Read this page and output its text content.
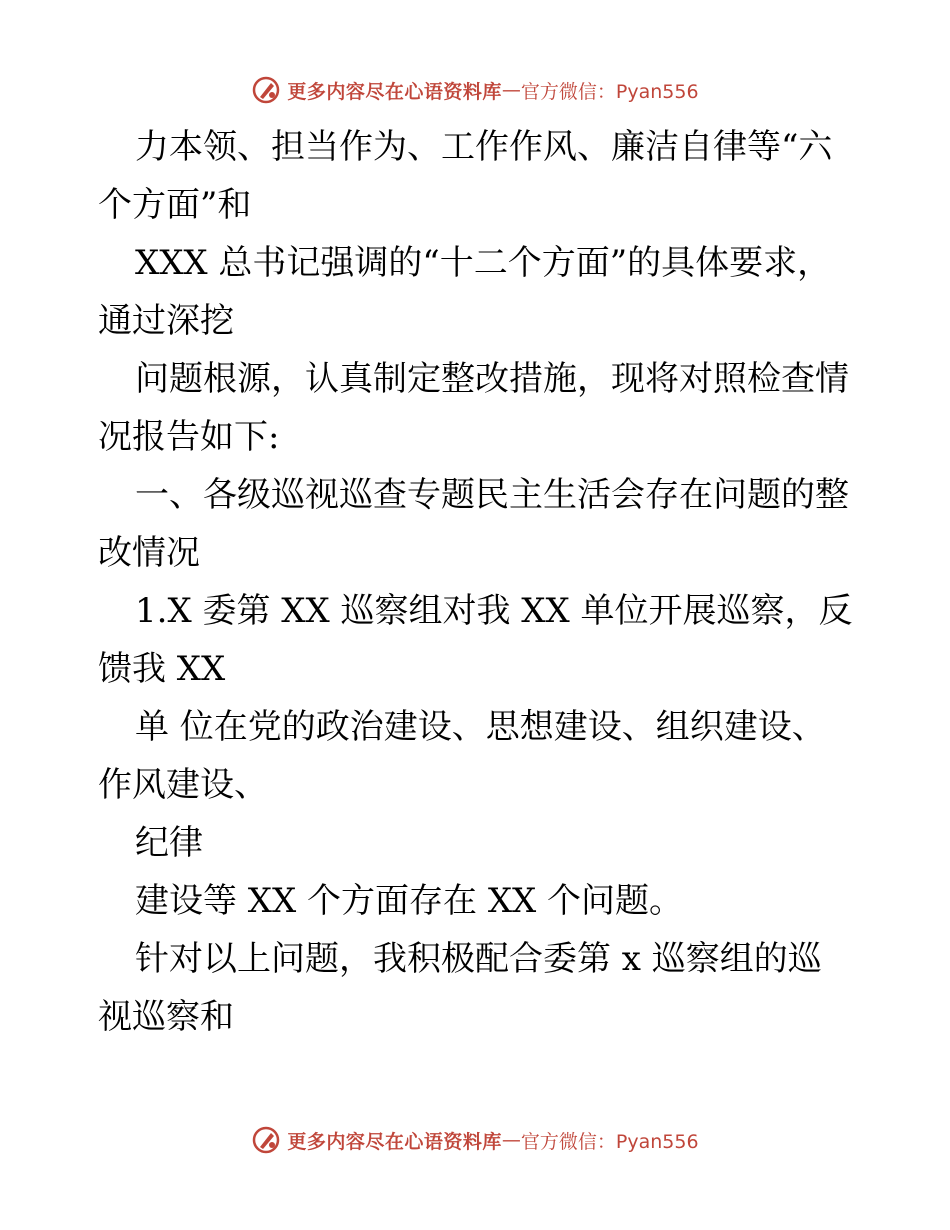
更多内容尽在心语资料库 — 官方微信：Pyan556
力本领、担当作为、工作作风、廉洁自律等“六
个方面”和
XXX 总书记强调的“十二个方面”的具体要求，
通过深挖
问题根源，认真制定整改措施，现将对照检查情
况报告如下:
一、各级巡视巡查专题民主生活会存在问题的整
改情况
1.X 委第 XX 巡察组对我 XX 单位开展巡察，反
馈我 XX
单 位在党的政治建设、思想建设、组织建设、
作风建设、
纪律
建设等 XX 个方面存在 XX 个问题。
针对以上问题，我积极配合委第 x 巡察组的巡
视巡察和
更多内容尽在心语资料库 — 官方微信：Pyan556
